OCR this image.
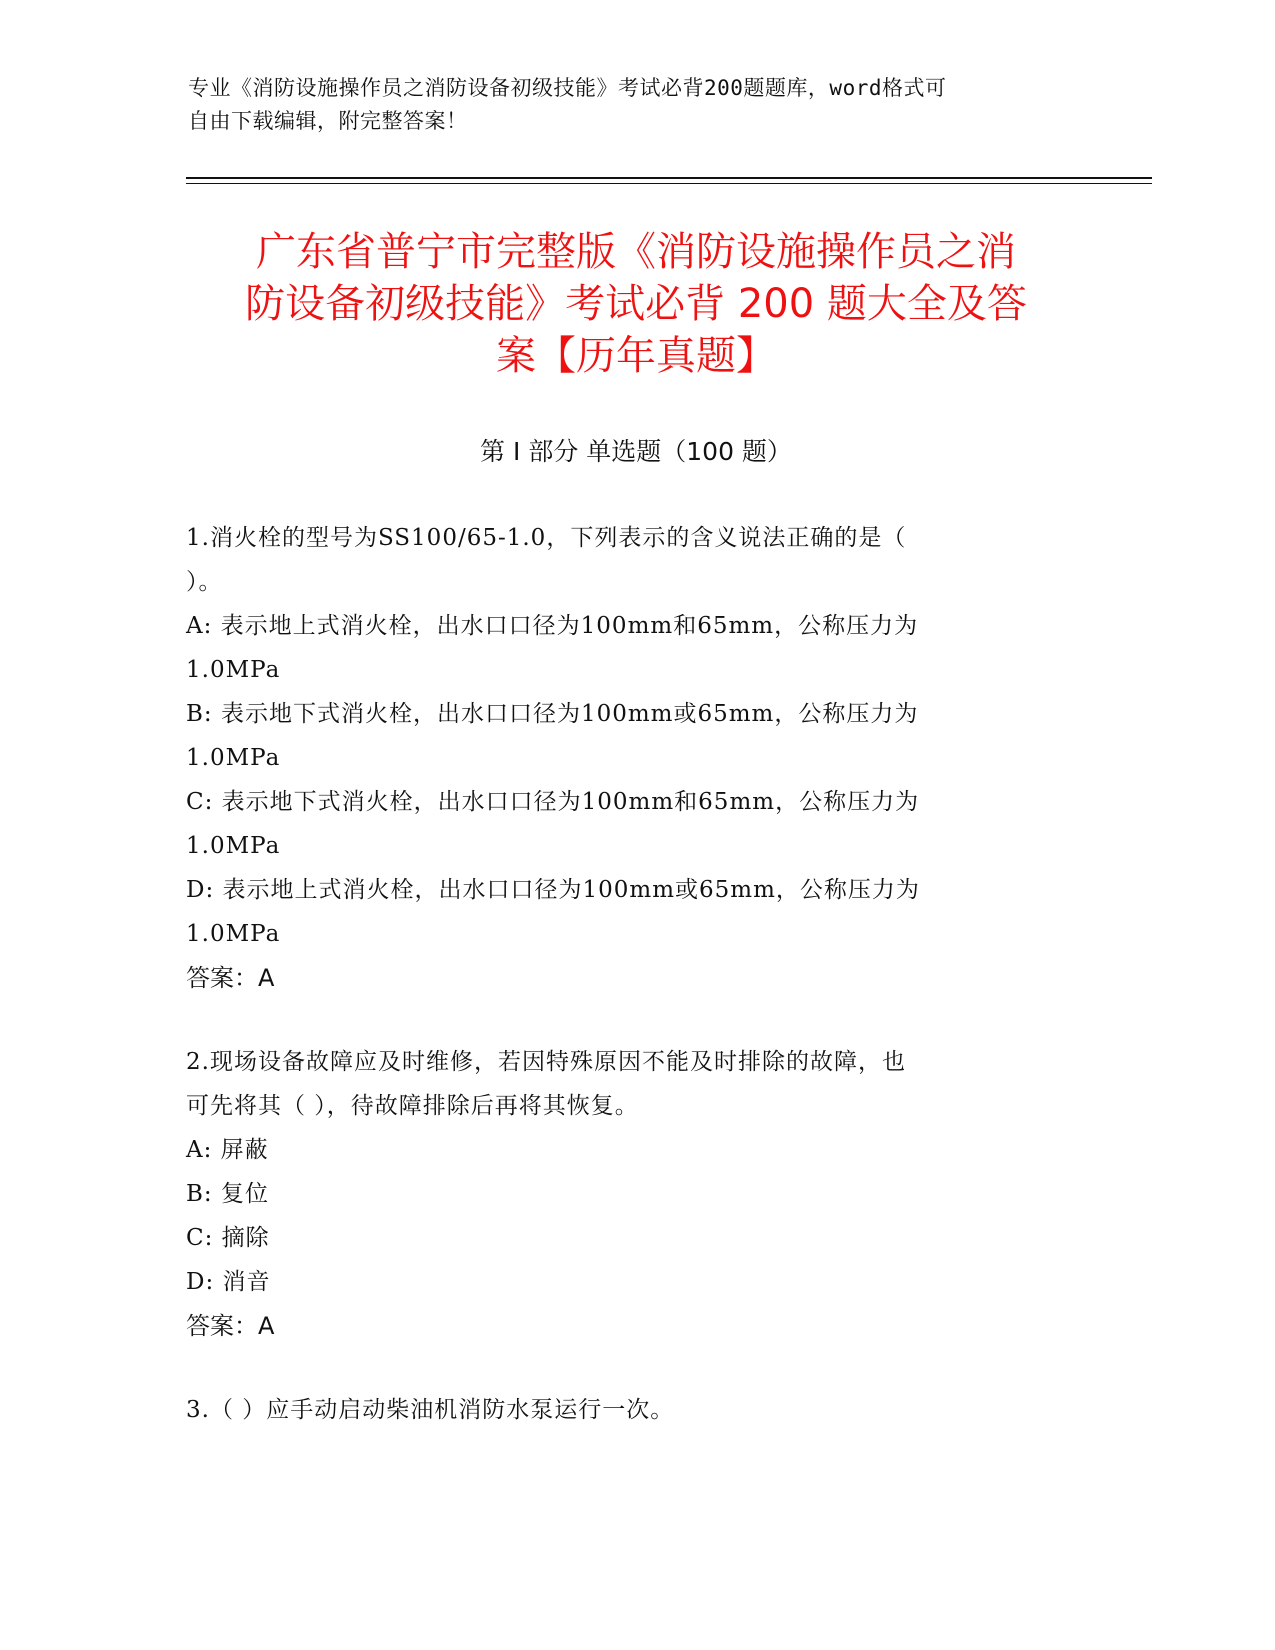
专业《消防设施操作员之消防设备初级技能》考试必背200题题库，word格式可
自由下载编辑，附完整答案！
广东省普宁市完整版《消防设施操作员之消
防设备初级技能》考试必背 200 题大全及答
案【历年真题】
第 I 部分 单选题（100 题）
1.消火栓的型号为SS100/65-1.0，下列表示的含义说法正确的是（
）。
A: 表示地上式消火栓，出水口口径为100mm和65mm，公称压力为
1.0MPa
B: 表示地下式消火栓，出水口口径为100mm或65mm，公称压力为
1.0MPa
C: 表示地下式消火栓，出水口口径为100mm和65mm，公称压力为
1.0MPa
D: 表示地上式消火栓，出水口口径为100mm或65mm，公称压力为
1.0MPa
答案：A
2.现场设备故障应及时维修，若因特殊原因不能及时排除的故障，也
可先将其（ ），待故障排除后再将其恢复。
A: 屏蔽
B: 复位
C: 摘除
D: 消音
答案：A
3.（ ）应手动启动柴油机消防水泵运行一次。
